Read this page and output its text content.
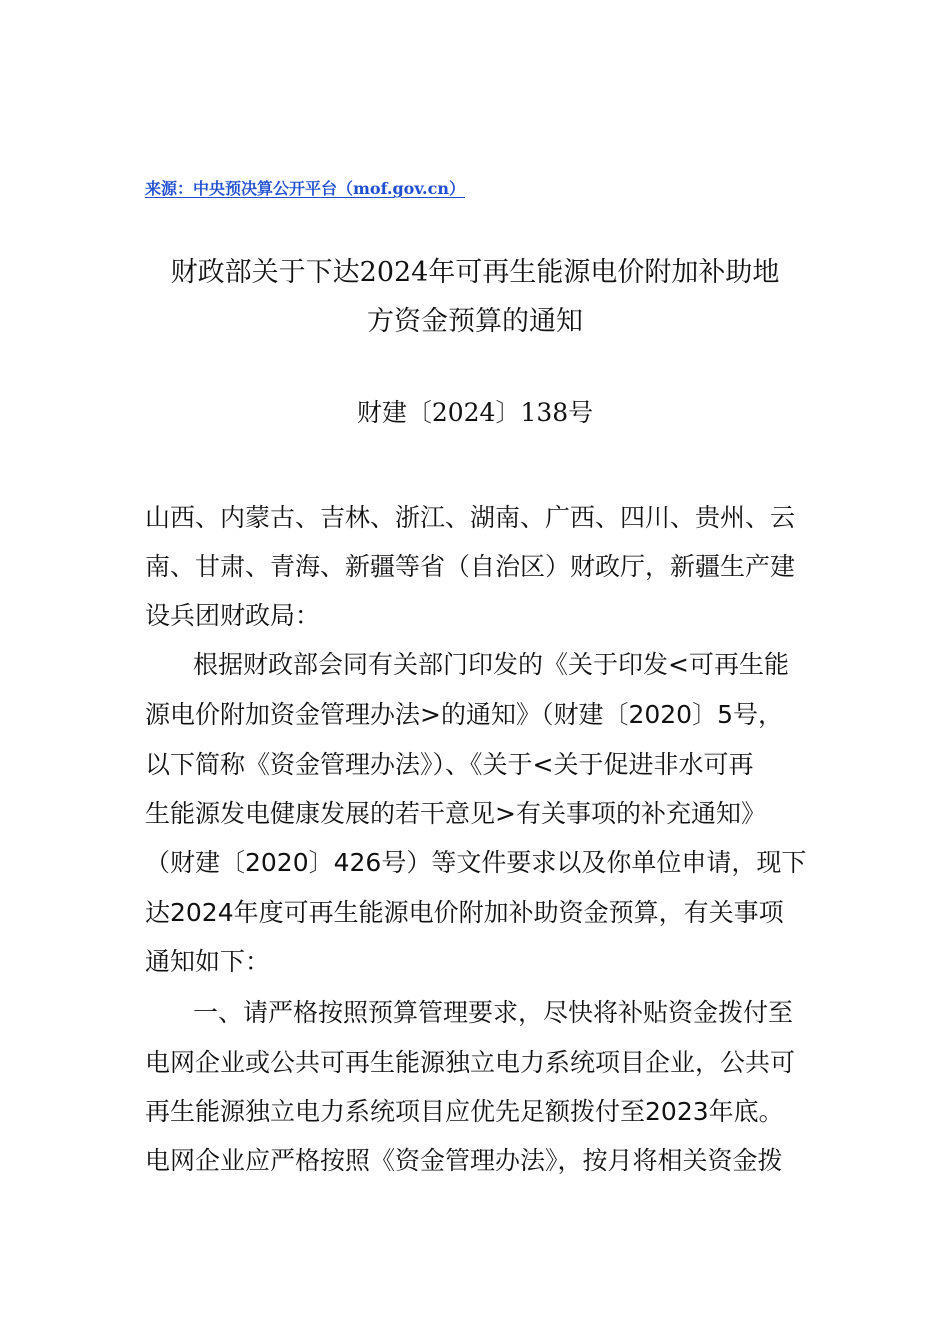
来源：中央预决算公开平台（mof.gov.cn）
财政部关于下达2024年可再生能源电价附加补助地
方资金预算的通知
财建〔2024〕138号
山西、内蒙古、吉林、浙江、湖南、广西、四川、贵州、云
南、甘肃、青海、新疆等省（自治区）财政厅，新疆生产建
设兵团财政局：
根据财政部会同有关部门印发的《关于印发<可再生能
源电价附加资金管理办法>的通知》（财建〔2020〕5号，
以下简称《资金管理办法》）、《关于<关于促进非水可再
生能源发电健康发展的若干意见>有关事项的补充通知》
（财建〔2020〕426号）等文件要求以及你单位申请，现下
达2024年度可再生能源电价附加补助资金预算，有关事项
通知如下：
一、请严格按照预算管理要求，尽快将补贴资金拨付至
电网企业或公共可再生能源独立电力系统项目企业，公共可
再生能源独立电力系统项目应优先足额拨付至2023年底。
电网企业应严格按照《资金管理办法》，按月将相关资金拨
